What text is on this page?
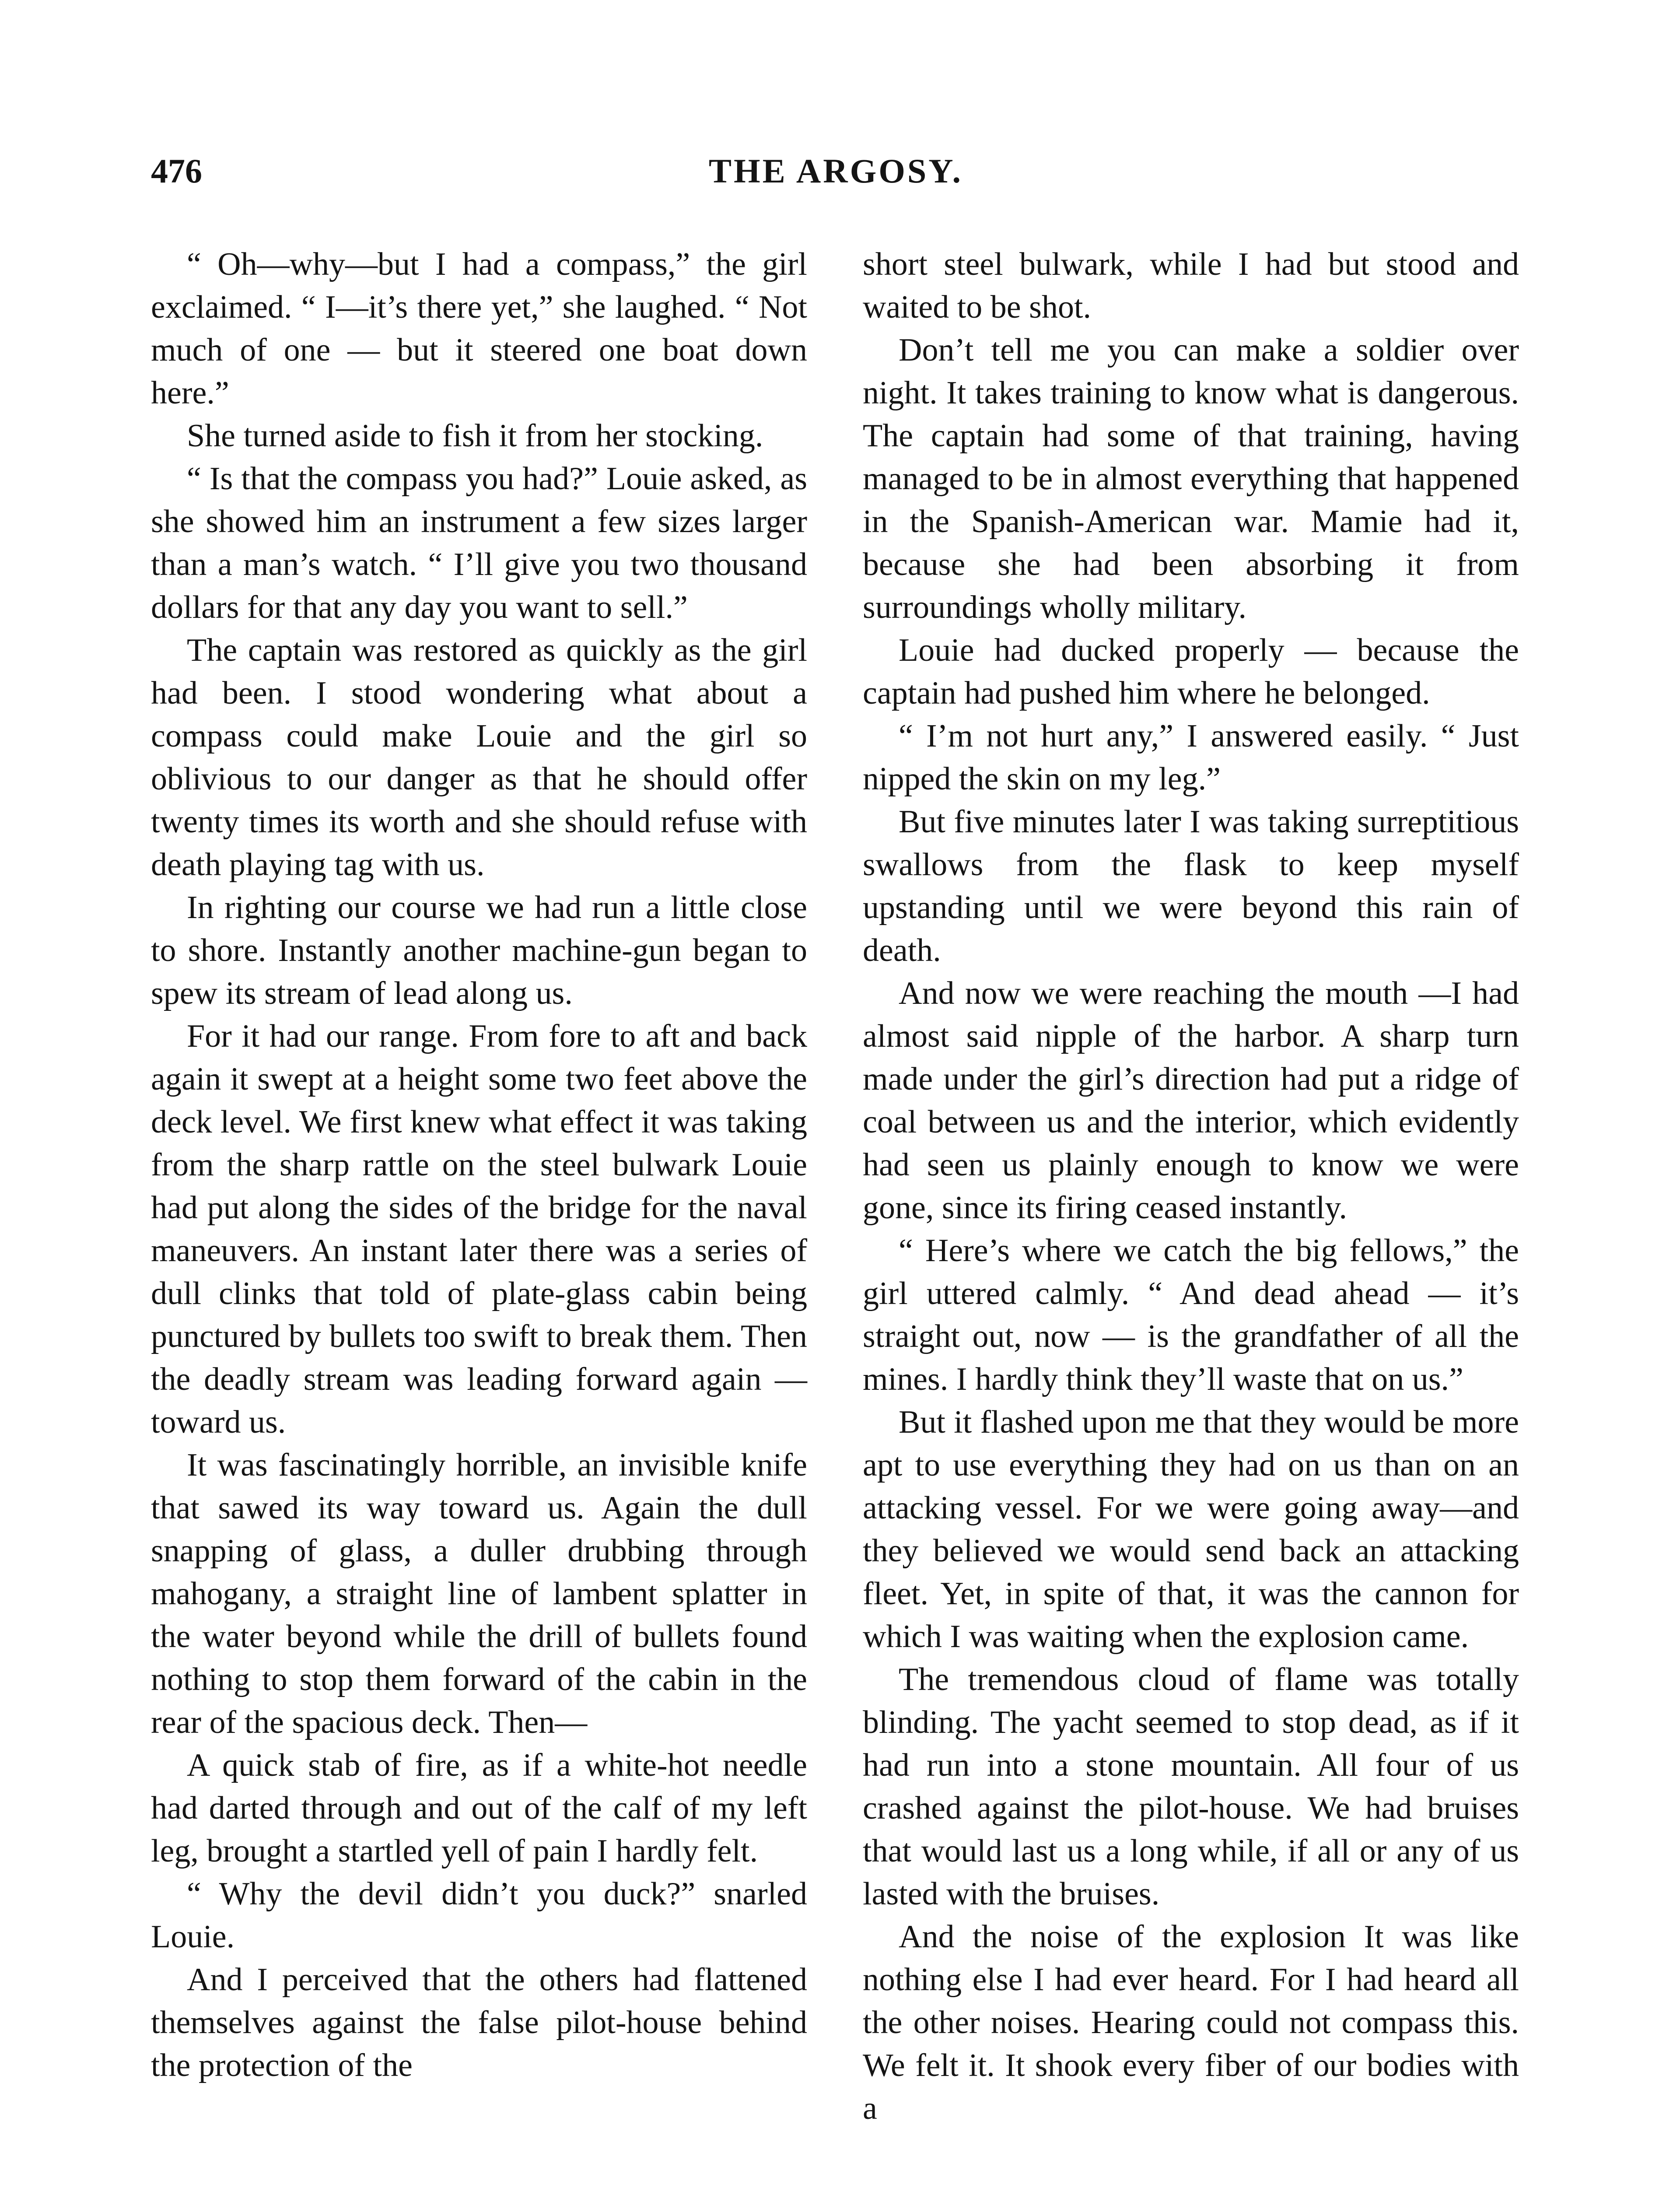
476	THE ARGOSY.

“ Oh—why—but I had a compass,” the girl exclaimed. “ I—it’s there yet,” she laughed. “ Not much of one — but it steered one boat down here.”

She turned aside to fish it from her stocking.

“ Is that the compass you had?” Louie asked, as she showed him an instrument a few sizes larger than a man’s watch. “ I’ll give you two thousand dollars for that any day you want to sell.”

The captain was restored as quickly as the girl had been. I stood wondering what about a compass could make Louie and the girl so oblivious to our danger as that he should offer twenty times its worth and she should refuse with death playing tag with us.

In righting our course we had run a little close to shore. Instantly another machine-gun began to spew its stream of lead along us.

For it had our range. From fore to aft and back again it swept at a height some two feet above the deck level. We first knew what effect it was taking from the sharp rattle on the steel bulwark Louie had put along the sides of the bridge for the naval maneuvers. An instant later there was a series of dull clinks that told of plate-glass cabin being punctured by bullets too swift to break them. Then the deadly stream was leading forward again —toward us.

It was fascinatingly horrible, an invisible knife that sawed its way toward us. Again the dull snapping of glass, a duller drubbing through mahogany, a straight line of lambent splatter in the water beyond while the drill of bullets found nothing to stop them forward of the cabin in the rear of the spacious deck. Then—

A quick stab of fire, as if a white-hot needle had darted through and out of the calf of my left leg, brought a startled yell of pain I hardly felt.

“ Why the devil didn’t you duck?” snarled Louie.

And I perceived that the others had flattened themselves against the false pilot-house behind the protection of the

short steel bulwark, while I had but stood and waited to be shot.

Don’t tell me you can make a soldier over night. It takes training to know what is dangerous. The captain had some of that training, having managed to be in almost everything that happened in the Spanish-American war. Mamie had it, because she had been absorbing it from surroundings wholly military.

Louie had ducked properly — because the captain had pushed him where he belonged.

“ I’m not hurt any,” I answered easily. “ Just nipped the skin on my leg.”

But five minutes later I was taking surreptitious swallows from the flask to keep myself upstanding until we were beyond this rain of death.

And now we were reaching the mouth —I had almost said nipple of the harbor. A sharp turn made under the girl’s direction had put a ridge of coal between us and the interior, which evidently had seen us plainly enough to know we were gone, since its firing ceased instantly.

“ Here’s where we catch the big fellows,” the girl uttered calmly. “ And dead ahead — it’s straight out, now — is the grandfather of all the mines. I hardly think they’ll waste that on us.”

But it flashed upon me that they would be more apt to use everything they had on us than on an attacking vessel. For we were going away—and they believed we would send back an attacking fleet. Yet, in spite of that, it was the cannon for which I was waiting when the explosion came.

The tremendous cloud of flame was totally blinding. The yacht seemed to stop dead, as if it had run into a stone mountain. All four of us crashed against the pilot-house. We had bruises that would last us a long while, if all or any of us lasted with the bruises.

And the noise of the explosion It was like nothing else I had ever heard. For I had heard all the other noises. Hearing could not compass this. We felt it. It shook every fiber of our bodies with a
